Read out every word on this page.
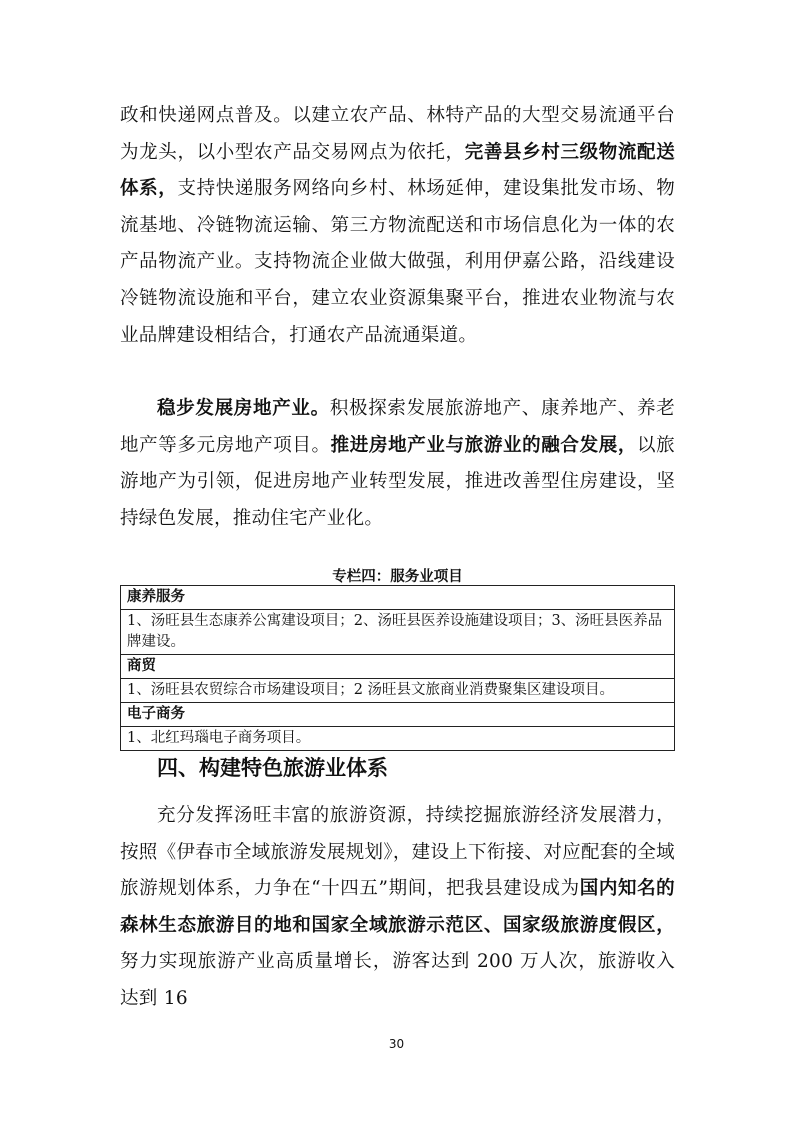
政和快递网点普及。以建立农产品、林特产品的大型交易流通平台为龙头，以小型农产品交易网点为依托，完善县乡村三级物流配送体系，支持快递服务网络向乡村、林场延伸，建设集批发市场、物流基地、冷链物流运输、第三方物流配送和市场信息化为一体的农产品物流产业。支持物流企业做大做强，利用伊嘉公路，沿线建设冷链物流设施和平台，建立农业资源集聚平台，推进农业物流与农业品牌建设相结合，打通农产品流通渠道。

稳步发展房地产业。积极探索发展旅游地产、康养地产、养老地产等多元房地产项目。推进房地产业与旅游业的融合发展，以旅游地产为引领，促进房地产业转型发展，推进改善型住房建设，坚持绿色发展，推动住宅产业化。

专栏四：服务业项目
康养服务
1、汤旺县生态康养公寓建设项目；2、汤旺县医养设施建设项目；3、汤旺县医养品牌建设。
商贸
1、汤旺县农贸综合市场建设项目；2 汤旺县文旅商业消费聚集区建设项目。
电子商务
1、北红玛瑙电子商务项目。
四、构建特色旅游业体系

充分发挥汤旺丰富的旅游资源，持续挖掘旅游经济发展潜力，按照《伊春市全域旅游发展规划》，建设上下衔接、对应配套的全域旅游规划体系，力争在“十四五”期间，把我县建设成为国内知名的森林生态旅游目的地和国家全域旅游示范区、国家级旅游度假区，努力实现旅游产业高质量增长，游客达到 200 万人次，旅游收入达到 16

30
